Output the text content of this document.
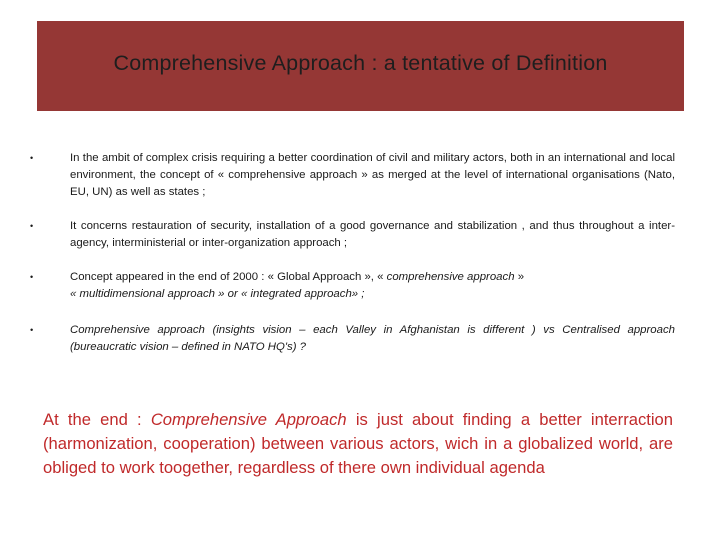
Comprehensive Approach : a tentative of Definition
•	In the ambit of complex crisis requiring a better coordination of civil and military actors, both in an international and local environment, the concept of « comprehensive approach » as merged at the level of international organisations (Nato, EU, UN) as well as states ;
•	It concerns restauration of security, installation of a good governance and stabilization , and thus throughout a inter-agency, interministerial or inter-organization approach ;
•	Concept appeared in the end of 2000 : « Global Approach », « comprehensive approach »
« multidimensional approach » or « integrated approach» ;
•	Comprehensive approach (insights vision – each Valley in Afghanistan is different ) vs Centralised approach (bureaucratic vision – defined in NATO HQ's) ?

At the end : Comprehensive Approach is just about finding a better interraction (harmonization, cooperation) between various actors, wich in a globalized world, are obliged to work toogether, regardless of there own individual agenda
